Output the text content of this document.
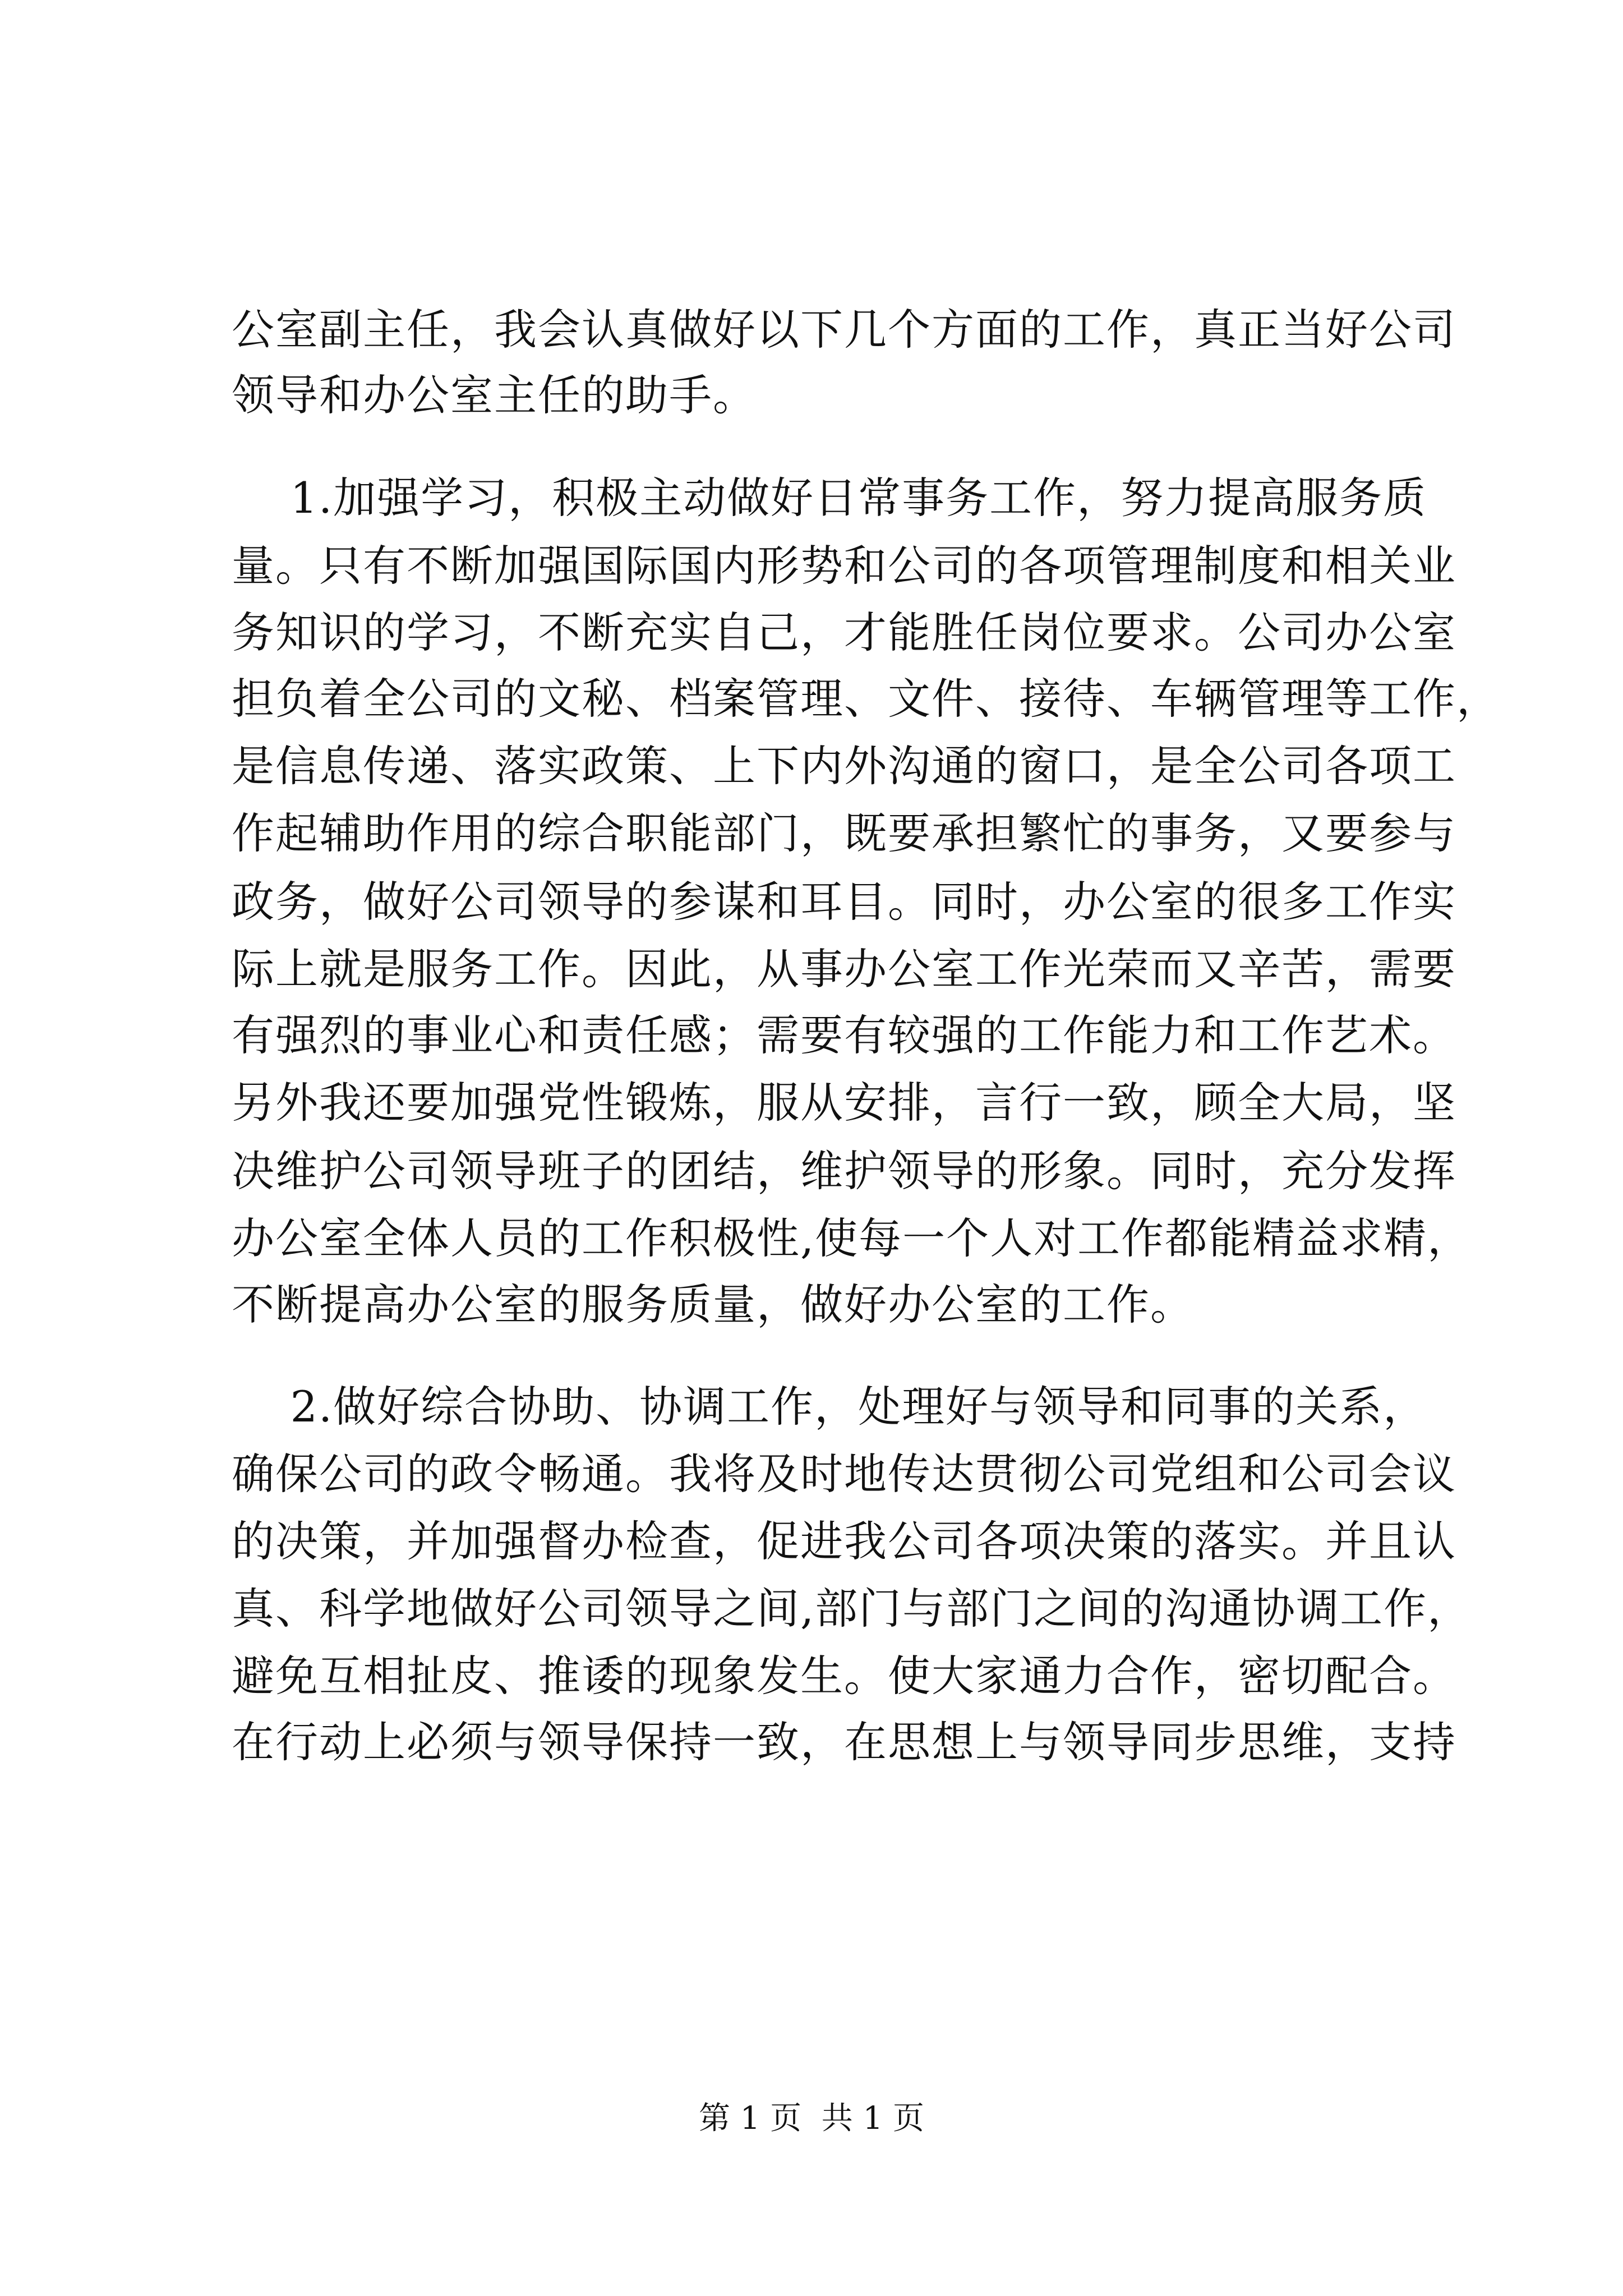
公室副主任，我会认真做好以下几个方面的工作，真正当好公司
领导和办公室主任的助手。
1.加强学习，积极主动做好日常事务工作，努力提高服务质
量。只有不断加强国际国内形势和公司的各项管理制度和相关业
务知识的学习，不断充实自己，才能胜任岗位要求。公司办公室
担负着全公司的文秘、档案管理、文件、接待、车辆管理等工作，
是信息传递、落实政策、上下内外沟通的窗口，是全公司各项工
作起辅助作用的综合职能部门，既要承担繁忙的事务，又要参与
政务，做好公司领导的参谋和耳目。同时，办公室的很多工作实
际上就是服务工作。因此，从事办公室工作光荣而又辛苦，需要
有强烈的事业心和责任感；需要有较强的工作能力和工作艺术。
另外我还要加强党性锻炼，服从安排，言行一致，顾全大局，坚
决维护公司领导班子的团结，维护领导的形象。同时，充分发挥
办公室全体人员的工作积极性,使每一个人对工作都能精益求精，
不断提高办公室的服务质量，做好办公室的工作。
2.做好综合协助、协调工作，处理好与领导和同事的关系，
确保公司的政令畅通。我将及时地传达贯彻公司党组和公司会议
的决策，并加强督办检查，促进我公司各项决策的落实。并且认
真、科学地做好公司领导之间,部门与部门之间的沟通协调工作，
避免互相扯皮、推诿的现象发生。使大家通力合作，密切配合。
在行动上必须与领导保持一致，在思想上与领导同步思维，支持
第 1 页  共 1 页
